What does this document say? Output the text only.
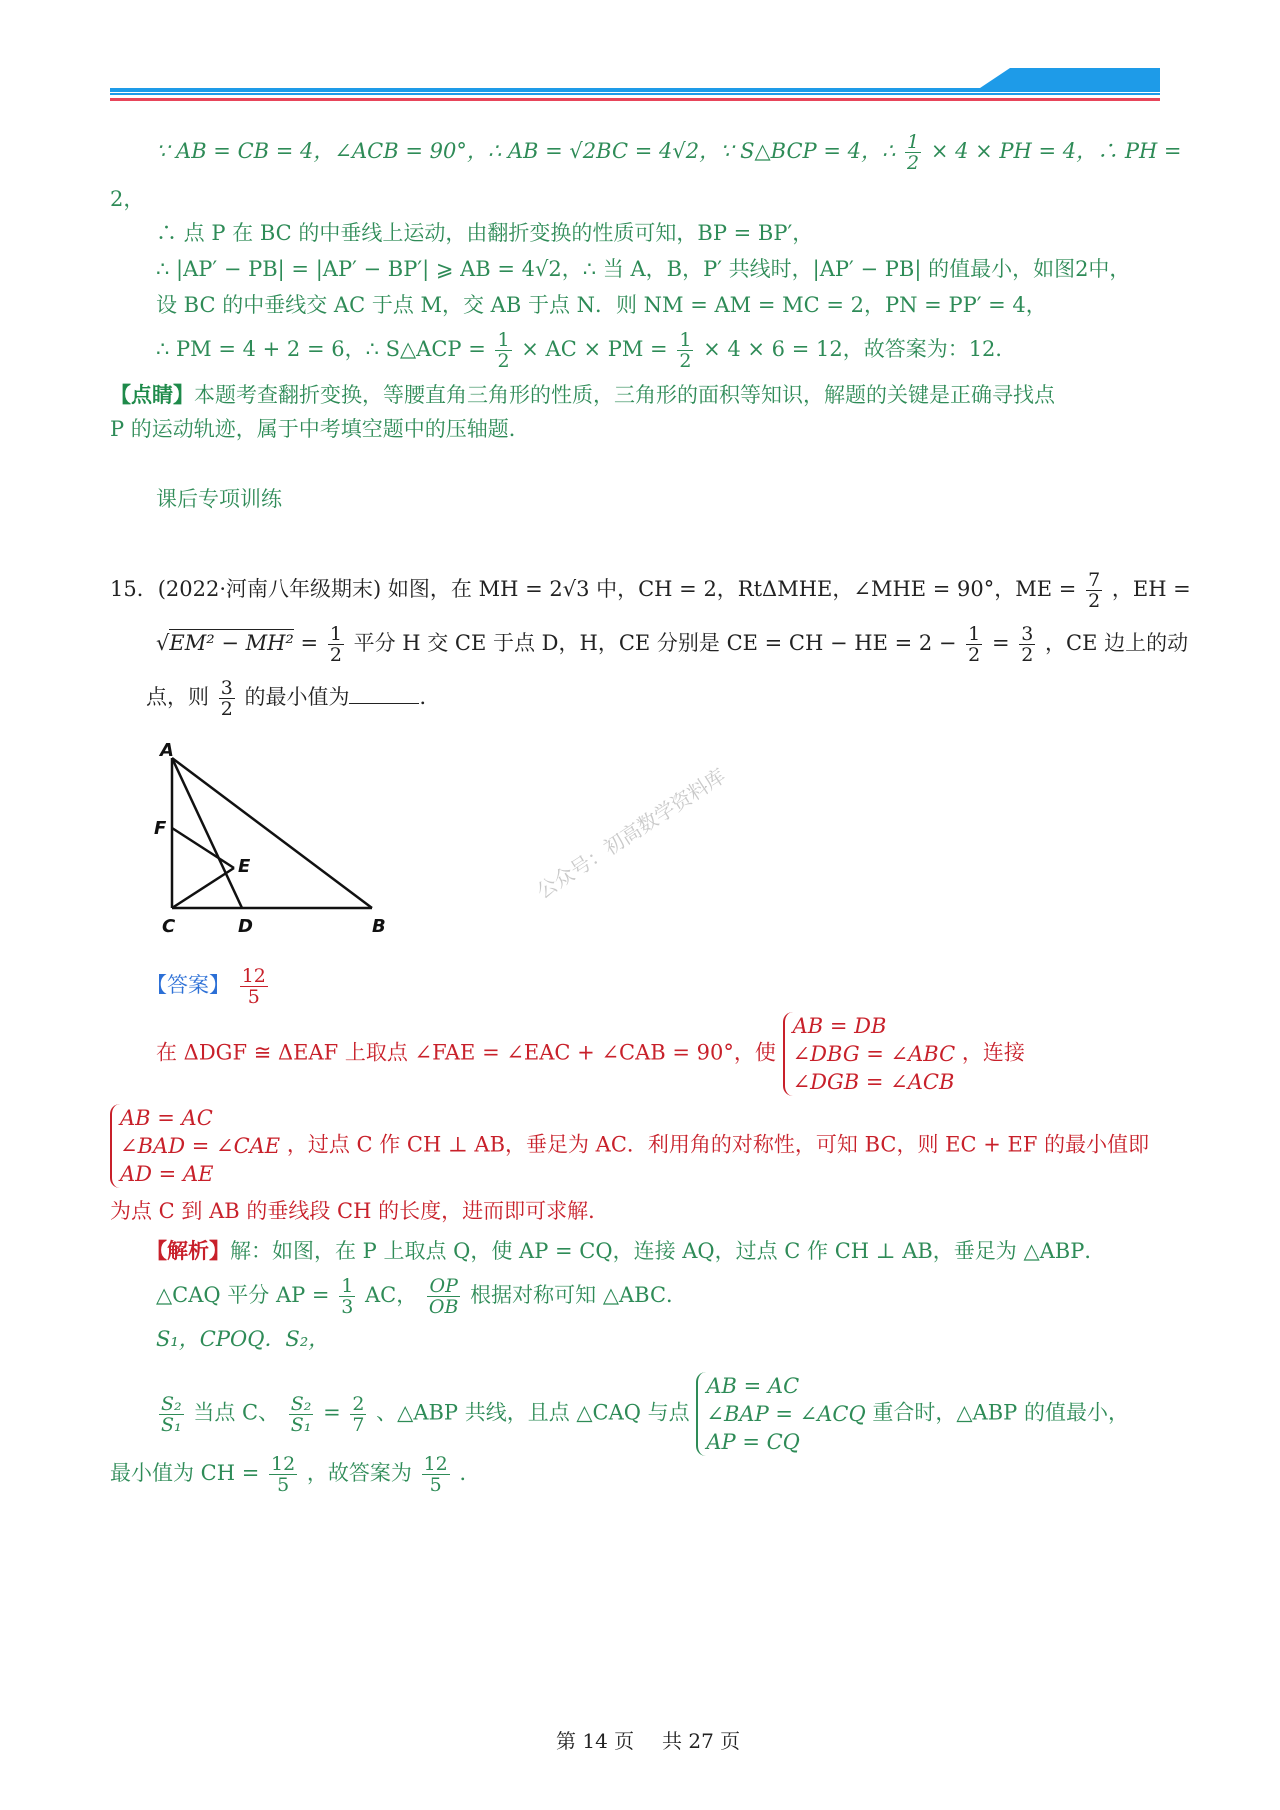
∵ AB = CB = 4，∠ACB = 90°，∴ AB = √2BC = 4√2，∵ S△BCP = 4，∴ $\frac{1}{2} \times 4$ × PH = 4，∴ PH =
2，
∴ 点 P 在 BC 的中垂线上运动，由翻折变换的性质可知，BP = BP′，
∴ |AP′ − PB| = |AP′ − BP′| ⩾ AB = 4√2，∴ 当 A，B，P′ 共线时，|AP′ − PB| 的值最小，如图2中，
设 BC 的中垂线交 AC 于点 M，交 AB 于点 N．则 NM = AM = MC = 2，PN = PP′ = 4，
∴ PM = 4 + 2 = 6，∴ S△ACP = $\frac{1}{2}$ × AC × PM = $\frac{1}{2} \times 4 \times 6 = 12$，故答案为：12．
【点睛】本题考查翻折变换，等腰直角三角形的性质，三角形的面积等知识，解题的关键是正确寻找点
P 的运动轨迹，属于中考填空题中的压轴题．
课后专项训练
15．(2022·河南八年级期末) 如图，在 MH = 2√3 中，CH = 2，RtΔMHE，∠MHE = 90°，ME = $\frac{7}{2}$ ，EH =
$√EM^2 - MH^2 = \frac{1}{2}$ 平分 H 交 CE 于点 D，H，CE 分别是 CE = CH − HE = $2 - \frac{1}{2} = \frac{3}{2}$ ，CE 边上的动
点，则 $\frac{3}{2}$ 的最小值为	．
A
F
E
C	D	B
公众号：初高数学资料库
【答案】 $\frac{12}{5}$
在 ΔDGF ≅ ΔEAF 上取点 ∠FAE = ∠EAC + ∠CAB = 90°，使
AB = DB
∠DBG = ∠ABC
∠DGB = ∠ACB
，连接
AB = AC
∠BAD = ∠CAE
AD = AE
，过点 C 作 CH ⊥ AB，垂足为 AC．利用角的对称性，可知 BC，则 EC + EF 的最小值即
为点 C 到 AB 的垂线段 CH 的长度，进而即可求解．
【解析】解：如图，在 P 上取点 Q，使 AP = CQ，连接 AQ，过点 C 作 CH ⊥ AB，垂足为 △ABP．
△CAQ 平分 AP = $\frac{1}{3}$ AC， $\frac{OP}{OB}$ 根据对称可知 △ABC．
S₁，CPOQ．S₂，
$\frac{\text{S₂}}{\text{S₁}}$ 当点 C、 $\frac{\text{S₂}}{\text{S₁}} = \frac{2}{7}$ 、△ABP 共线，且点 △CAQ 与点
AB = AC
∠BAP = ∠ACQ
AP = CQ
重合时，△ABP 的值最小，
最小值为 CH = $\frac{12}{5}$ ，故答案为 $\frac{12}{5}$ ．
第 14 页 共 27 页
